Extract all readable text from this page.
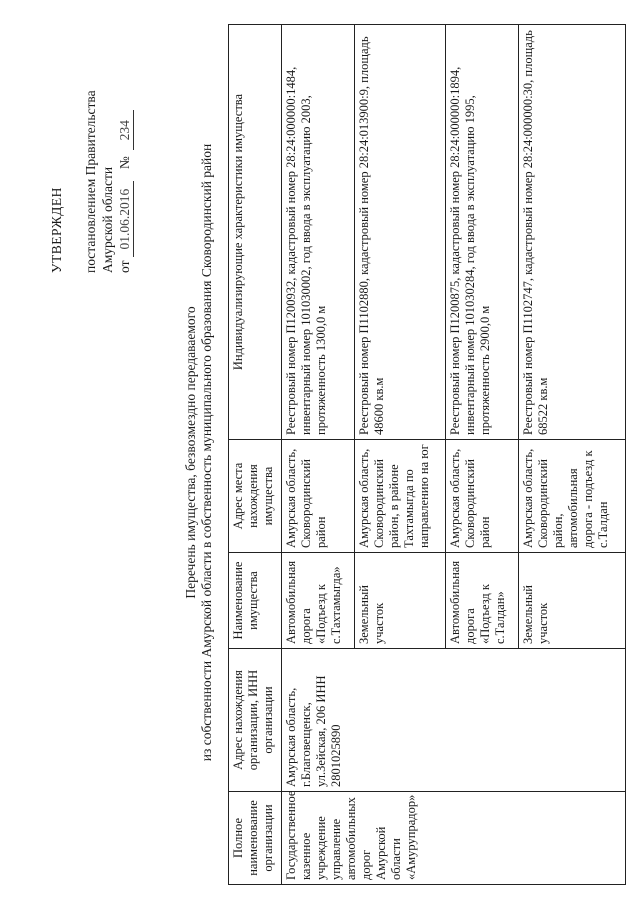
УТВЕРЖДЕН постановлением Правительства Амурской области от 01.06.2016№234
Перечень имущества, безвозмездно передаваемого из собственности Амурской области в собственность муниципального образования Сковородинский район
Полное наименование организации	Адрес нахождения организации, ИНН организации	Наименование имущества	Адрес места нахождения имущества	Индивидуализирующие характеристики имущества
Государственное казенное учреждение управление автомобильных дорог Амурской области «Амурупрадор»	Амурская область, г.Благовещенск, ул.Зейская, 206 ИНН 2801025890	Автомобильная дорога «Подъезд к с.Тахтамыгда»	Амурская область, Сковородинский район	Реестровый номер П1200932, кадастровый номер 28:24:000000:1484, инвентарный номер 101030002, год ввода в эксплуатацию 2003, протяженность 1300,0 м
		Земельный участок	Амурская область, Сковородинский район, в районе Тахтамыгда по направлению на юг	Реестровый номер П1102880, кадастровый номер 28:24:013900:9, площадь 48600 кв.м
		Автомобильная дорога «Подъезд к с.Талдан»	Амурская область, Сковородинский район	Реестровый номер П1200875, кадастровый номер 28:24:000000:1894, инвентарный номер 101030284, год ввода в эксплуатацию 1995, протяженность 2900,0 м
		Земельный участок	Амурская область, Сковородинский район, автомобильная дорога - подъезд к с.Талдан	Реестровый номер П1102747, кадастровый номер 28:24:000000:30, площадь 68522 кв.м
